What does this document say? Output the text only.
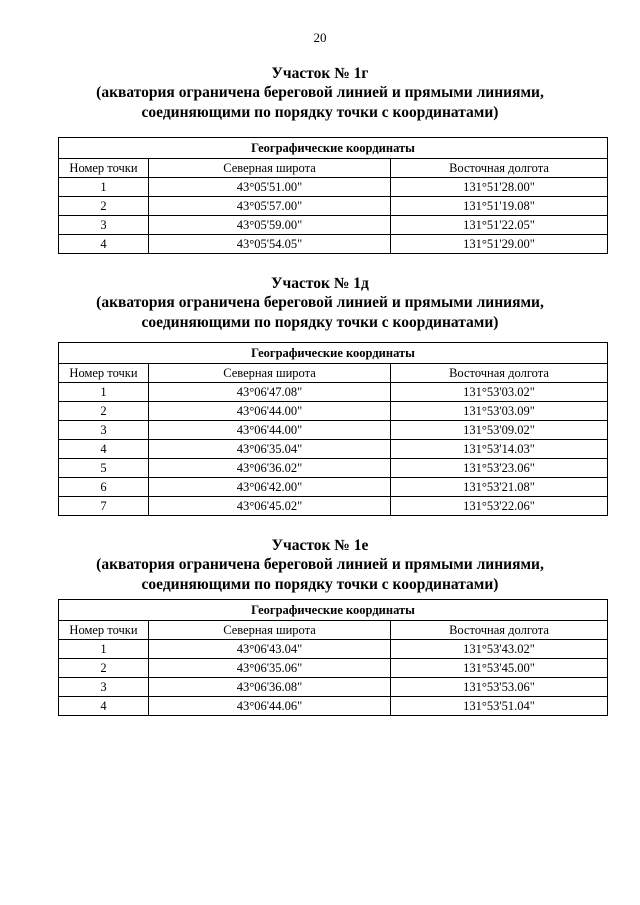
20
Участок № 1г
(акватория ограничена береговой линией и прямыми линиями,
соединяющими по порядку точки с координатами)
Географические координаты		
Номер точки	Северная широта	Восточная долгота
1	43°05'51.00"	131°51'28.00"
2	43°05'57.00"	131°51'19.08"
3	43°05'59.00"	131°51'22.05"
4	43°05'54.05"	131°51'29.00"
Участок № 1д
(акватория ограничена береговой линией и прямыми линиями,
соединяющими по порядку точки с координатами)
Географические координаты		
Номер точки	Северная широта	Восточная долгота
1	43°06'47.08"	131°53'03.02"
2	43°06'44.00"	131°53'03.09"
3	43°06'44.00"	131°53'09.02"
4	43°06'35.04"	131°53'14.03"
5	43°06'36.02"	131°53'23.06"
6	43°06'42.00"	131°53'21.08"
7	43°06'45.02"	131°53'22.06"
Участок № 1е
(акватория ограничена береговой линией и прямыми линиями,
соединяющими по порядку точки с координатами)
Географические координаты		
Номер точки	Северная широта	Восточная долгота
1	43°06'43.04"	131°53'43.02"
2	43°06'35.06"	131°53'45.00"
3	43°06'36.08"	131°53'53.06"
4	43°06'44.06"	131°53'51.04"
